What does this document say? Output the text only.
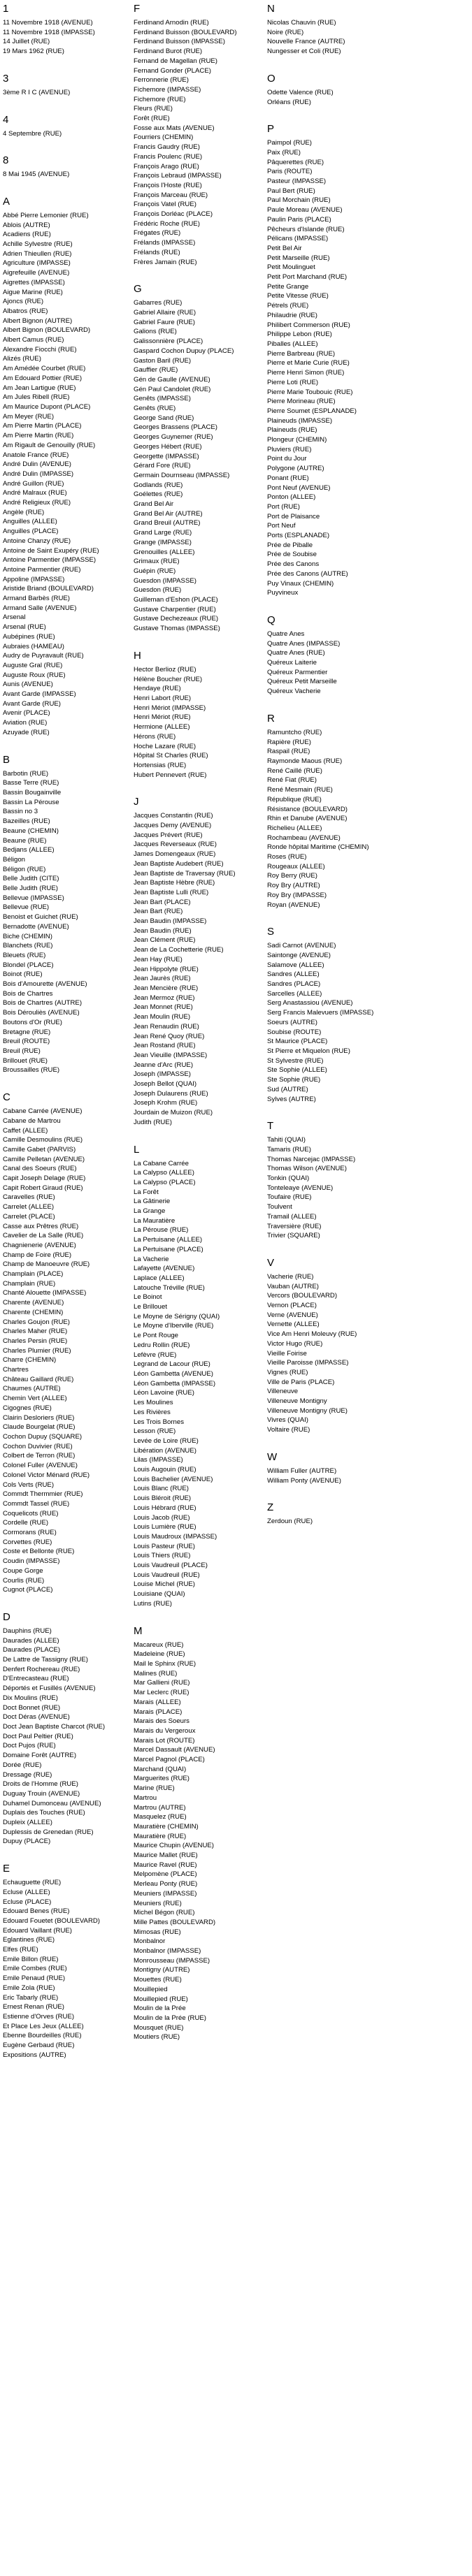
1
11 Novembre 1918 (AVENUE)
11 Novembre 1918 (IMPASSE)
14 Juillet (RUE)
19 Mars 1962 (RUE)
3
3ème R I C (AVENUE)
4
4 Septembre (RUE)
8
8 Mai 1945 (AVENUE)
A
Abbé Pierre Lemonier (RUE)
Ablois (AUTRE)
Acadiens (RUE)
Achille Sylvestre (RUE)
Adrien Thieullen (RUE)
Agriculture (IMPASSE)
Aigrefeuille (AVENUE)
Aigrettes (IMPASSE)
Aigue Marine (RUE)
Ajoncs (RUE)
Albatros (RUE)
Albert Bignon (AUTRE)
Albert Bignon (BOULEVARD)
Albert Camus (RUE)
Alexandre Fiocchi (RUE)
Alizés (RUE)
Am Amédée Courbet (RUE)
Am Edouard Pottier (RUE)
Am Jean Lartigue (RUE)
Am Jules Ribell (RUE)
Am Maurice Dupont (PLACE)
Am Meyer (RUE)
Am Pierre Martin (PLACE)
Am Pierre Martin (RUE)
Am Rigault de Genouilly (RUE)
Anatole France (RUE)
André Dulin (AVENUE)
André Dulin (IMPASSE)
André Guillon (RUE)
André Malraux (RUE)
André Religieux (RUE)
Angèle (RUE)
Anguilles (ALLEE)
Anguilles (PLACE)
Antoine Chanzy (RUE)
Antoine de Saint Exupéry (RUE)
Antoine Parmentier (IMPASSE)
Antoine Parmentier (RUE)
Appoline (IMPASSE)
Aristide Briand (BOULEVARD)
Armand Barbès (RUE)
Armand Salle (AVENUE)
Arsenal
Arsenal (RUE)
Aubépines (RUE)
Aubraies (HAMEAU)
Audry de Puyravault (RUE)
Auguste Gral (RUE)
Auguste Roux (RUE)
Aunis (AVENUE)
Avant Garde (IMPASSE)
Avant Garde (RUE)
Avenir (PLACE)
Aviation (RUE)
Azuyade (RUE)
B
Barbotin (RUE)
Basse Terre (RUE)
Bassin Bougainville
Bassin La Pérouse
Bassin no 3
Bazeilles (RUE)
Beaune (CHEMIN)
Beaune (RUE)
Bedjans (ALLEE)
Béligon
Béligon (RUE)
Belle Judith (CITE)
Belle Judith (RUE)
Bellevue (IMPASSE)
Bellevue (RUE)
Benoist et Guichet (RUE)
Bernadotte (AVENUE)
Biche (CHEMIN)
Blanchets (RUE)
Bleuets (RUE)
Blondel (PLACE)
Boinot (RUE)
Bois d'Amourette (AVENUE)
Bois de Chartres
Bois de Chartres (AUTRE)
Bois Dérouliès (AVENUE)
Boutons d'Or (RUE)
Bretagne (RUE)
Breuil (ROUTE)
Breuil (RUE)
Brillouet (RUE)
Broussailles (RUE)
C
Cabane Carrée (AVENUE)
Cabane de Martrou
Caffet (ALLEE)
Camille Desmoulins (RUE)
Camille Gabet (PARVIS)
Camille Pelletan (AVENUE)
Canal des Soeurs (RUE)
Capit Joseph Delage (RUE)
Capit Robert Giraud (RUE)
Caravelles (RUE)
Carrelet (ALLEE)
Carrelet (PLACE)
Casse aux Prêtres (RUE)
Cavelier de La Salle (RUE)
Chagnienerie (AVENUE)
Champ de Foire (RUE)
Champ de Manoeuvre (RUE)
Champlain (PLACE)
Champlain (RUE)
Chanté Alouette (IMPASSE)
Charente (AVENUE)
Charente (CHEMIN)
Charles Goujon (RUE)
Charles Maher (RUE)
Charles Persin (RUE)
Charles Plumier (RUE)
Charre (CHEMIN)
Chartres
Château Gaillard (RUE)
Chaumes (AUTRE)
Chemin Vert (ALLEE)
Cigognes (RUE)
Clairin Desloriers (RUE)
Claude Bourgelat (RUE)
Cochon Dupuy (SQUARE)
Cochon Duvivier (RUE)
Colbert de Terron (RUE)
Colonel Fuller (AVENUE)
Colonel Victor Ménard (RUE)
Cols Verts (RUE)
Commdt Thermmier (RUE)
Commdt Tassel (RUE)
Coquelicots (RUE)
Cordelle (RUE)
Cormorans (RUE)
Corvettes (RUE)
Coste et Bellonte (RUE)
Coudin (IMPASSE)
Coupe Gorge
Courlis (RUE)
Cugnot (PLACE)
D
Dauphins (RUE)
Daurades (ALLEE)
Daurades (PLACE)
De Lattre de Tassigny (RUE)
Denfert Rochereau (RUE)
D'Entrecasteau (RUE)
Déportés et Fusillés (AVENUE)
Dix Moulins (RUE)
Doct Bonnet (RUE)
Doct Déras (AVENUE)
Doct Jean Baptiste Charcot (RUE)
Doct Paul Peltier (RUE)
Doct Pujos (RUE)
Domaine Forêt (AUTRE)
Dorée (RUE)
Dressage (RUE)
Droits de l'Homme (RUE)
Duguay Trouin (AVENUE)
Duhamel Dumonceau (AVENUE)
Duplais des Touches (RUE)
Dupleix (ALLEE)
Duplessis de Grenedan (RUE)
Dupuy (PLACE)
E
Echauguette (RUE)
Ecluse (ALLEE)
Ecluse (PLACE)
Edouard Benes (RUE)
Edouard Fouetet (BOULEVARD)
Edouard Vaillant (RUE)
Eglantines (RUE)
Elfes (RUE)
Emile Billon (RUE)
Emile Combes (RUE)
Emile Penaud (RUE)
Emile Zola (RUE)
Eric Tabarly (RUE)
Ernest Renan (RUE)
Estienne d'Orves (RUE)
Et Place Les Jeux (ALLEE)
Ebenne Bourdeilles (RUE)
Eugène Gerbaud (RUE)
Expositions (AUTRE)
F
Ferdinand Arnodin (RUE)
Ferdinand Buisson (BOULEVARD)
Ferdinand Buisson (IMPASSE)
Ferdinand Burot (RUE)
Fernand de Magellan (RUE)
Fernand Gonder (PLACE)
Ferronnerie (RUE)
Fichemore (IMPASSE)
Fichemore (RUE)
Fleurs (RUE)
Forêt (RUE)
Fosse aux Mats (AVENUE)
Fourriers (CHEMIN)
Francis Gaudry (RUE)
Francis Poulenc (RUE)
François Arago (RUE)
François Lebraud (IMPASSE)
François l'Hoste (RUE)
François Marceau (RUE)
François Vatel (RUE)
François Dorléac (PLACE)
Frédéric Roche (RUE)
Frégates (RUE)
Frélands (IMPASSE)
Frélands (RUE)
Frères Jamain (RUE)
G
Gabarres (RUE)
Gabriel Allaire (RUE)
Gabriel Faure (RUE)
Galions (RUE)
Galissonnière (PLACE)
Gaspard Cochon Dupuy (PLACE)
Gaston Baril (RUE)
Gauffier (RUE)
Gén de Gaulle (AVENUE)
Gén Paul Candolet (RUE)
Genêts (IMPASSE)
Genêts (RUE)
George Sand (RUE)
Georges Brassens (PLACE)
Georges Guynemer (RUE)
Georges Hébert (RUE)
Georgette (IMPASSE)
Gérard Fore (RUE)
Germain Dournseau (IMPASSE)
Godlands (RUE)
Goélettes (RUE)
Grand Bel Air
Grand Bel Air (AUTRE)
Grand Breuil (AUTRE)
Grand Large (RUE)
Grange (IMPASSE)
Grenouilles (ALLEE)
Grimaux (RUE)
Guépin (RUE)
Guesdon (IMPASSE)
Guesdon (RUE)
Guilleman d'Eshon (PLACE)
Gustave Charpentier (RUE)
Gustave Dechezeaux (RUE)
Gustave Thomas (IMPASSE)
H
Hector Berlioz (RUE)
Hélène Boucher (RUE)
Hendaye (RUE)
Henri Labort (RUE)
Henri Mériot (IMPASSE)
Henri Mériot (RUE)
Hermione (ALLEE)
Hérons (RUE)
Hoche Lazare (RUE)
Hôpital St Charles (RUE)
Hortensias (RUE)
Hubert Pennevert (RUE)
J
Jacques Constantin (RUE)
Jacques Demy (AVENUE)
Jacques Prévert (RUE)
Jacques Reverseaux (RUE)
James Domengeaux (RUE)
Jean Baptiste Audebert (RUE)
Jean Baptiste de Traversay (RUE)
Jean Baptiste Hèbre (RUE)
Jean Baptiste Lulli (RUE)
Jean Bart (PLACE)
Jean Bart (RUE)
Jean Baudin (IMPASSE)
Jean Baudin (RUE)
Jean Clément (RUE)
Jean de La Cochetterie (RUE)
Jean Hay (RUE)
Jean Hippolyte (RUE)
Jean Jaurès (RUE)
Jean Mencière (RUE)
Jean Mermoz (RUE)
Jean Monnet (RUE)
Jean Moulin (RUE)
Jean Renaudin (RUE)
Jean René Quoy (RUE)
Jean Rostand (RUE)
Jean Vieuille (IMPASSE)
Jeanne d'Arc (RUE)
Joseph (IMPASSE)
Joseph Bellot (QUAI)
Joseph Dulaurens (RUE)
Joseph Krohm (RUE)
Jourdain de Muizon (RUE)
Judith (RUE)
L
La Cabane Carrée
La Calypso (ALLEE)
La Calypso (PLACE)
La Forêt
La Gâtinerie
La Grange
La Mauratière
La Pérouse (RUE)
La Pertuisane (ALLEE)
La Pertuisane (PLACE)
La Vacherie
Lafayette (AVENUE)
Laplace (ALLEE)
Latouche Tréville (RUE)
Le Boinot
Le Brillouet
Le Moyne de Sérigny (QUAI)
Le Moyne d'Iberville (RUE)
Le Pont Rouge
Ledru Rollin (RUE)
Lefèvre (RUE)
Legrand de Lacour (RUE)
Léon Gambetta (AVENUE)
Léon Gambetta (IMPASSE)
Léon Lavoine (RUE)
Les Moulines
Les Rivières
Les Trois Bornes
Lesson (RUE)
Levée de Loire (RUE)
Libération (AVENUE)
Lilas (IMPASSE)
Louis Augouin (RUE)
Louis Bachelier (AVENUE)
Louis Blanc (RUE)
Louis Bléroit (RUE)
Louis Hébrard (RUE)
Louis Jacob (RUE)
Louis Lumière (RUE)
Louis Maudroux (IMPASSE)
Louis Pasteur (RUE)
Louis Thiers (RUE)
Louis Vaudreuil (PLACE)
Louis Vaudreuil (RUE)
Louise Michel (RUE)
Louisiane (QUAI)
Lutins (RUE)
M
Macareux (RUE)
Madeleine (RUE)
Mail le Sphinx (RUE)
Malines (RUE)
Mar Gallieni (RUE)
Mar Leclerc (RUE)
Marais (ALLEE)
Marais (PLACE)
Marais des Soeurs
Marais du Vergeroux
Marais Lot (ROUTE)
Marcel Dassault (AVENUE)
Marcel Pagnol (PLACE)
Marchand (QUAI)
Marguerites (RUE)
Marine (RUE)
Martrou
Martrou (AUTRE)
Masquelez (RUE)
Mauratière (CHEMIN)
Mauratière (RUE)
Maurice Chupin (AVENUE)
Maurice Mallet (RUE)
Maurice Ravel (RUE)
Melpomène (PLACE)
Merleau Ponty (RUE)
Meuniers (IMPASSE)
Meuniers (RUE)
Michel Bégon (RUE)
Mille Pattes (BOULEVARD)
Mimosas (RUE)
Monbalnor
Monbalnor (IMPASSE)
Monrousseau (IMPASSE)
Montigny (AUTRE)
Mouettes (RUE)
Mouillepied
Mouillepied (RUE)
Moulin de la Prée
Moulin de la Prée (RUE)
Mousquet (RUE)
Moutiers (RUE)
N
Nicolas Chauvin (RUE)
Noire (RUE)
Nouvelle France (AUTRE)
Nungesser et Coli (RUE)
O
Odette Valence (RUE)
Orléans (RUE)
P
Paimpol (RUE)
Paix (RUE)
Pâquerettes (RUE)
Paris (ROUTE)
Pasteur (IMPASSE)
Paul Bert (RUE)
Paul Morchain (RUE)
Paule Moreau (AVENUE)
Paulin Paris (PLACE)
Pêcheurs d'Islande (RUE)
Pélicans (IMPASSE)
Petit Bel Air
Petit Marseille (RUE)
Petit Moulinguet
Petit Port Marchand (RUE)
Petite Grange
Petite Vitesse (RUE)
Pétrels (RUE)
Philaudrie (RUE)
Philibert Commerson (RUE)
Philippe Lebon (RUE)
Piballes (ALLEE)
Pierre Barbreau (RUE)
Pierre et Marie Curie (RUE)
Pierre Henri Simon (RUE)
Pierre Loti (RUE)
Pierre Marie Toubouic (RUE)
Pierre Morineau (RUE)
Pierre Soumet (ESPLANADE)
Plaineuds (IMPASSE)
Plaineuds (RUE)
Plongeur (CHEMIN)
Pluviers (RUE)
Point du Jour
Polygone (AUTRE)
Ponant (RUE)
Pont Neuf (AVENUE)
Ponton (ALLEE)
Port (RUE)
Port de Plaisance
Port Neuf
Ports (ESPLANADE)
Prée de Piballe
Prée de Soubise
Prée des Canons
Prée des Canons (AUTRE)
Puy Vinaux (CHEMIN)
Puyvineux
Q
Quatre Anes
Quatre Anes (IMPASSE)
Quatre Anes (RUE)
Quéreux Laiterie
Quéreux Parmentier
Quéreux Petit Marseille
Quéreux Vacherie
R
Ramuntcho (RUE)
Rapière (RUE)
Raspail (RUE)
Raymonde Maous (RUE)
René Caillé (RUE)
René Fiat (RUE)
René Mesmain (RUE)
République (RUE)
Résistance (BOULEVARD)
Rhin et Danube (AVENUE)
Richelieu (ALLEE)
Rochambeau (AVENUE)
Ronde hôpital Maritime (CHEMIN)
Roses (RUE)
Rougeaux (ALLEE)
Roy Berry (RUE)
Roy Bry (AUTRE)
Roy Bry (IMPASSE)
Royan (AVENUE)
S
Sadi Carnot (AVENUE)
Saintonge (AVENUE)
Salamove (ALLEE)
Sandres (ALLEE)
Sandres (PLACE)
Sarcelles (ALLEE)
Serg Anastassiou (AVENUE)
Serg Francis Malevuers (IMPASSE)
Soeurs (AUTRE)
Soubise (ROUTE)
St Maurice (PLACE)
St Pierre et Miquelon (RUE)
St Sylvestre (RUE)
Ste Sophie (ALLEE)
Ste Sophie (RUE)
Sud (AUTRE)
Sylves (AUTRE)
T
Tahiti (QUAI)
Tamaris (RUE)
Thomas Narcejac (IMPASSE)
Thomas Wilson (AVENUE)
Tonkin (QUAI)
Tonteleaye (AVENUE)
Toufaire (RUE)
Toulvent
Tramail (ALLEE)
Traversière (RUE)
Trivier (SQUARE)
V
Vacherie (RUE)
Vauban (AUTRE)
Vercors (BOULEVARD)
Vernon (PLACE)
Verne (AVENUE)
Vernette (ALLEE)
Vice Am Henri Moleuvy (RUE)
Victor Hugo (RUE)
Vieille Foirise
Vieille Paroisse (IMPASSE)
Vignes (RUE)
Ville de Paris (PLACE)
Villeneuve
Villeneuve Montigny
Villeneuve Montigny (RUE)
Vivres (QUAI)
Voltaire (RUE)
W
William Fuller (AUTRE)
William Ponty (AVENUE)
Z
Zerdoun (RUE)
